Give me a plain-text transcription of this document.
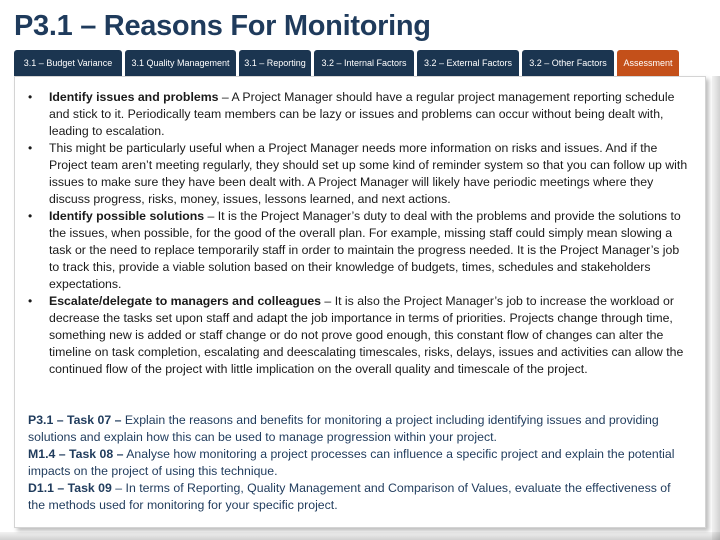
P3.1 – Reasons For Monitoring
3.1 – Budget Variance	3.1 Quality Management	3.1 – Reporting	3.2 – Internal Factors	3.2 – External Factors	3.2 – Other Factors	Assessment
• Identify issues and problems – A Project Manager should have a regular project management reporting schedule and stick to it. Periodically team members can be lazy or issues and problems can occur without being dealt with, leading to escalation.
• This might be particularly useful when a Project Manager needs more information on risks and issues. And if the Project team aren’t meeting regularly, they should set up some kind of reminder system so that you can follow up with issues to make sure they have been dealt with. A Project Manager will likely have periodic meetings where they discuss progress, risks, money, issues, lessons learned, and next actions.
• Identify possible solutions – It is the Project Manager’s duty to deal with the problems and provide the solutions to the issues, when possible, for the good of the overall plan. For example, missing staff could simply mean slowing a task or the need to replace temporarily staff in order to maintain the progress needed. It is the Project Manager’s job to track this, provide a viable solution based on their knowledge of budgets, times, schedules and stakeholders expectations.
• Escalate/delegate to managers and colleagues – It is also the Project Manager’s job to increase the workload or decrease the tasks set upon staff and adapt the job importance in terms of priorities. Projects change through time, something new is added or staff change or do not prove good enough, this constant flow of changes can alter the timeline on task completion, escalating and deescalating timescales, risks, delays, issues and activities can allow the continued flow of the project with little implication on the overall quality and timescale of the project.

P3.1 – Task 07 – Explain the reasons and benefits for monitoring a project including identifying issues and providing solutions and explain how this can be used to manage progression within your project.

M1.4 – Task 08 – Analyse how monitoring a project processes can influence a specific project and explain the potential impacts on the project of using this technique.

D1.1 – Task 09 – In terms of Reporting, Quality Management and Comparison of Values, evaluate the effectiveness of the methods used for monitoring for your specific project.
